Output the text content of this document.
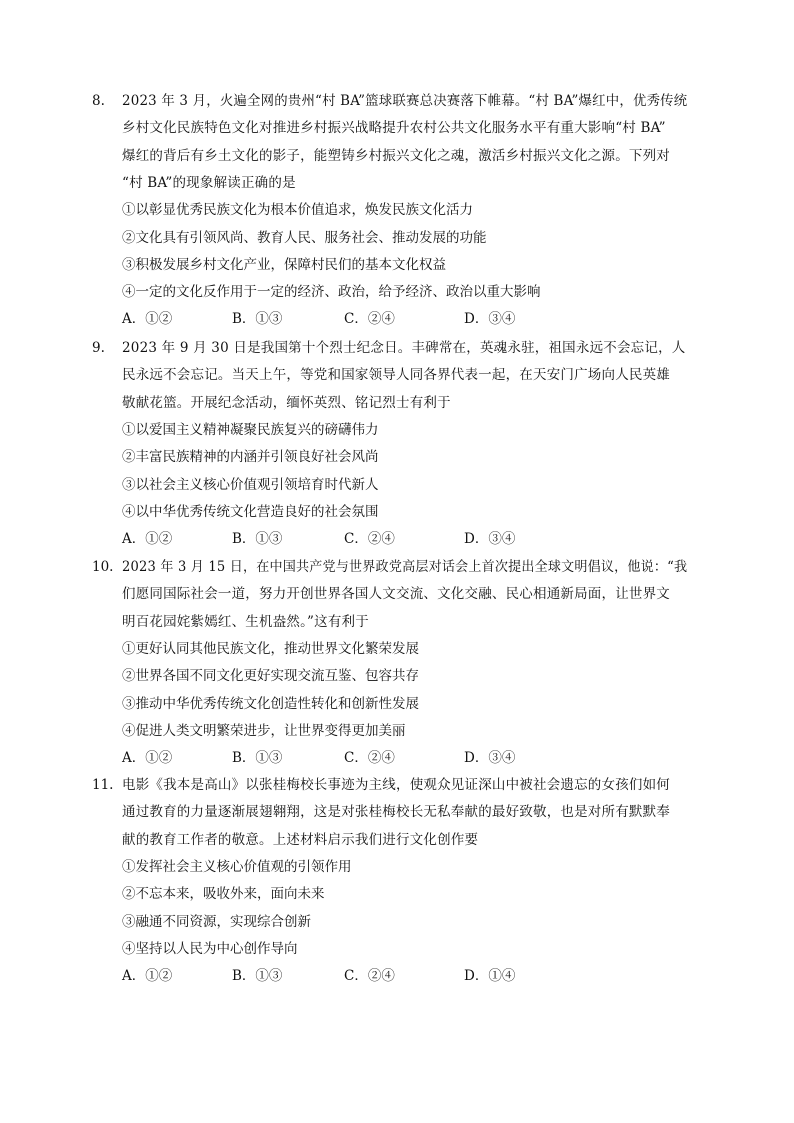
8. 2023 年 3 月，火遍全网的贵州“村 BA”篮球联赛总决赛落下帷幕。“村 BA”爆红中，优秀传统
乡村文化民族特色文化对推进乡村振兴战略提升农村公共文化服务水平有重大影响“村 BA”
爆红的背后有乡土文化的影子，能塑铸乡村振兴文化之魂，激活乡村振兴文化之源。下列对
“村 BA”的现象解读正确的是
①以彰显优秀民族文化为根本价值追求，焕发民族文化活力
②文化具有引领风尚、教育人民、服务社会、推动发展的功能
③积极发展乡村文化产业，保障村民们的基本文化权益
④一定的文化反作用于一定的经济、政治，给予经济、政治以重大影响
A．①②	B．①③	C．②④	D．③④
9. 2023 年 9 月 30 日是我国第十个烈士纪念日。丰碑常在，英魂永驻，祖国永远不会忘记，人
民永远不会忘记。当天上午，等党和国家领导人同各界代表一起，在天安门广场向人民英雄
敬献花篮。开展纪念活动，缅怀英烈、铭记烈士有利于
①以爱国主义精神凝聚民族复兴的磅礴伟力
②丰富民族精神的内涵并引领良好社会风尚
③以社会主义核心价值观引领培育时代新人
④以中华优秀传统文化营造良好的社会氛围
A．①②	B．①③	C．②④	D．③④
10. 2023 年 3 月 15 日，在中国共产党与世界政党高层对话会上首次提出全球文明倡议，他说：“我
们愿同国际社会一道，努力开创世界各国人文交流、文化交融、民心相通新局面，让世界文
明百花园姹紫嫣红、生机盎然。”这有利于
①更好认同其他民族文化，推动世界文化繁荣发展
②世界各国不同文化更好实现交流互鉴、包容共存
③推动中华优秀传统文化创造性转化和创新性发展
④促进人类文明繁荣进步，让世界变得更加美丽
A．①②	B．①③	C．②④	D．③④
11. 电影《我本是高山》以张桂梅校长事迹为主线，使观众见证深山中被社会遗忘的女孩们如何
通过教育的力量逐渐展翅翱翔，这是对张桂梅校长无私奉献的最好致敬，也是对所有默默奉
献的教育工作者的敬意。上述材料启示我们进行文化创作要
①发挥社会主义核心价值观的引领作用
②不忘本来，吸收外来，面向未来
③融通不同资源，实现综合创新
④坚持以人民为中心创作导向
A．①②	B．①③	C．②④	D．①④
